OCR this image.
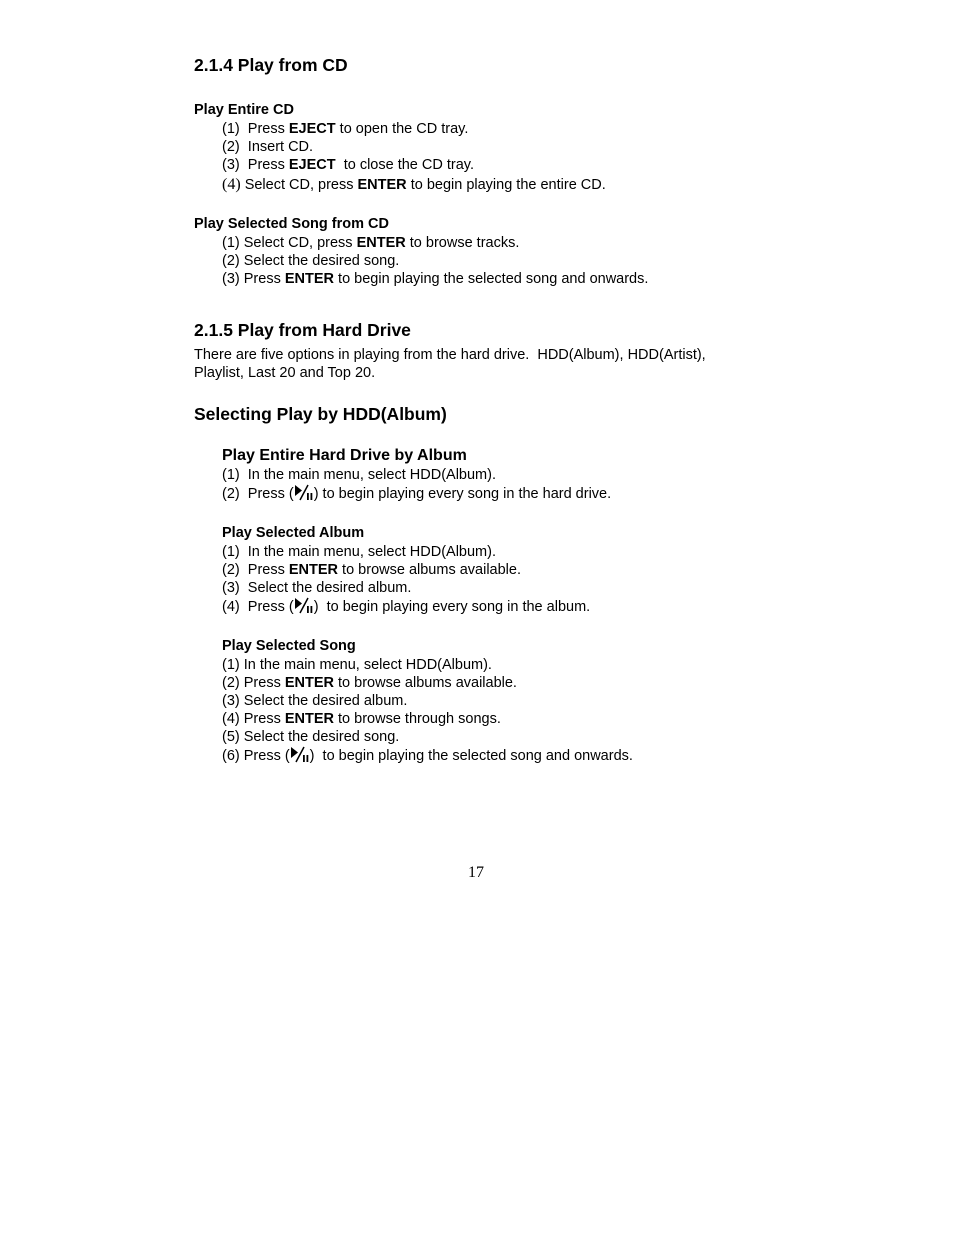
2.1.4 Play from CD
Play Entire CD
(1) Press EJECT to open the CD tray.
(2) Insert CD.
(3) Press EJECT  to close the CD tray.
(4) Select CD, press ENTER to begin playing the entire CD.
Play Selected Song from CD
(1) Select CD, press ENTER to browse tracks.
(2) Select the desired song.
(3) Press ENTER to begin playing the selected song and onwards.
2.1.5 Play from Hard Drive
There are five options in playing from the hard drive.  HDD(Album), HDD(Artist),
Playlist, Last 20 and Top 20.
Selecting Play by HDD(Album)
Play Entire Hard Drive by Album
(1)  In the main menu, select HDD(Album).
(2)  Press ( ) to begin playing every song in the hard drive.
Play Selected Album
(1)  In the main menu, select HDD(Album).
(2)  Press ENTER to browse albums available.
(3)  Select the desired album.
(4)  Press ( )  to begin playing every song in the album.
Play Selected Song
(1) In the main menu, select HDD(Album).
(2) Press ENTER to browse albums available.
(3) Select the desired album.
(4) Press ENTER to browse through songs.
(5) Select the desired song.
(6) Press ( )  to begin playing the selected song and onwards.
17
